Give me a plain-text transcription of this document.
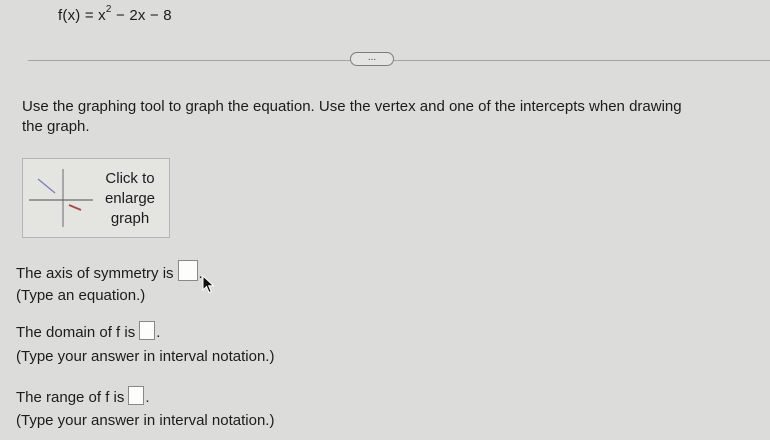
$f(x) = x^2 - 2x - 8$
...
Use the graphing tool to graph the equation. Use the vertex and one of the intercepts when drawing
the graph.
Click to
enlarge
graph
The axis of symmetry is .
(Type an equation.)
The domain of f is .
(Type your answer in interval notation.)
The range of f is .
(Type your answer in interval notation.)
